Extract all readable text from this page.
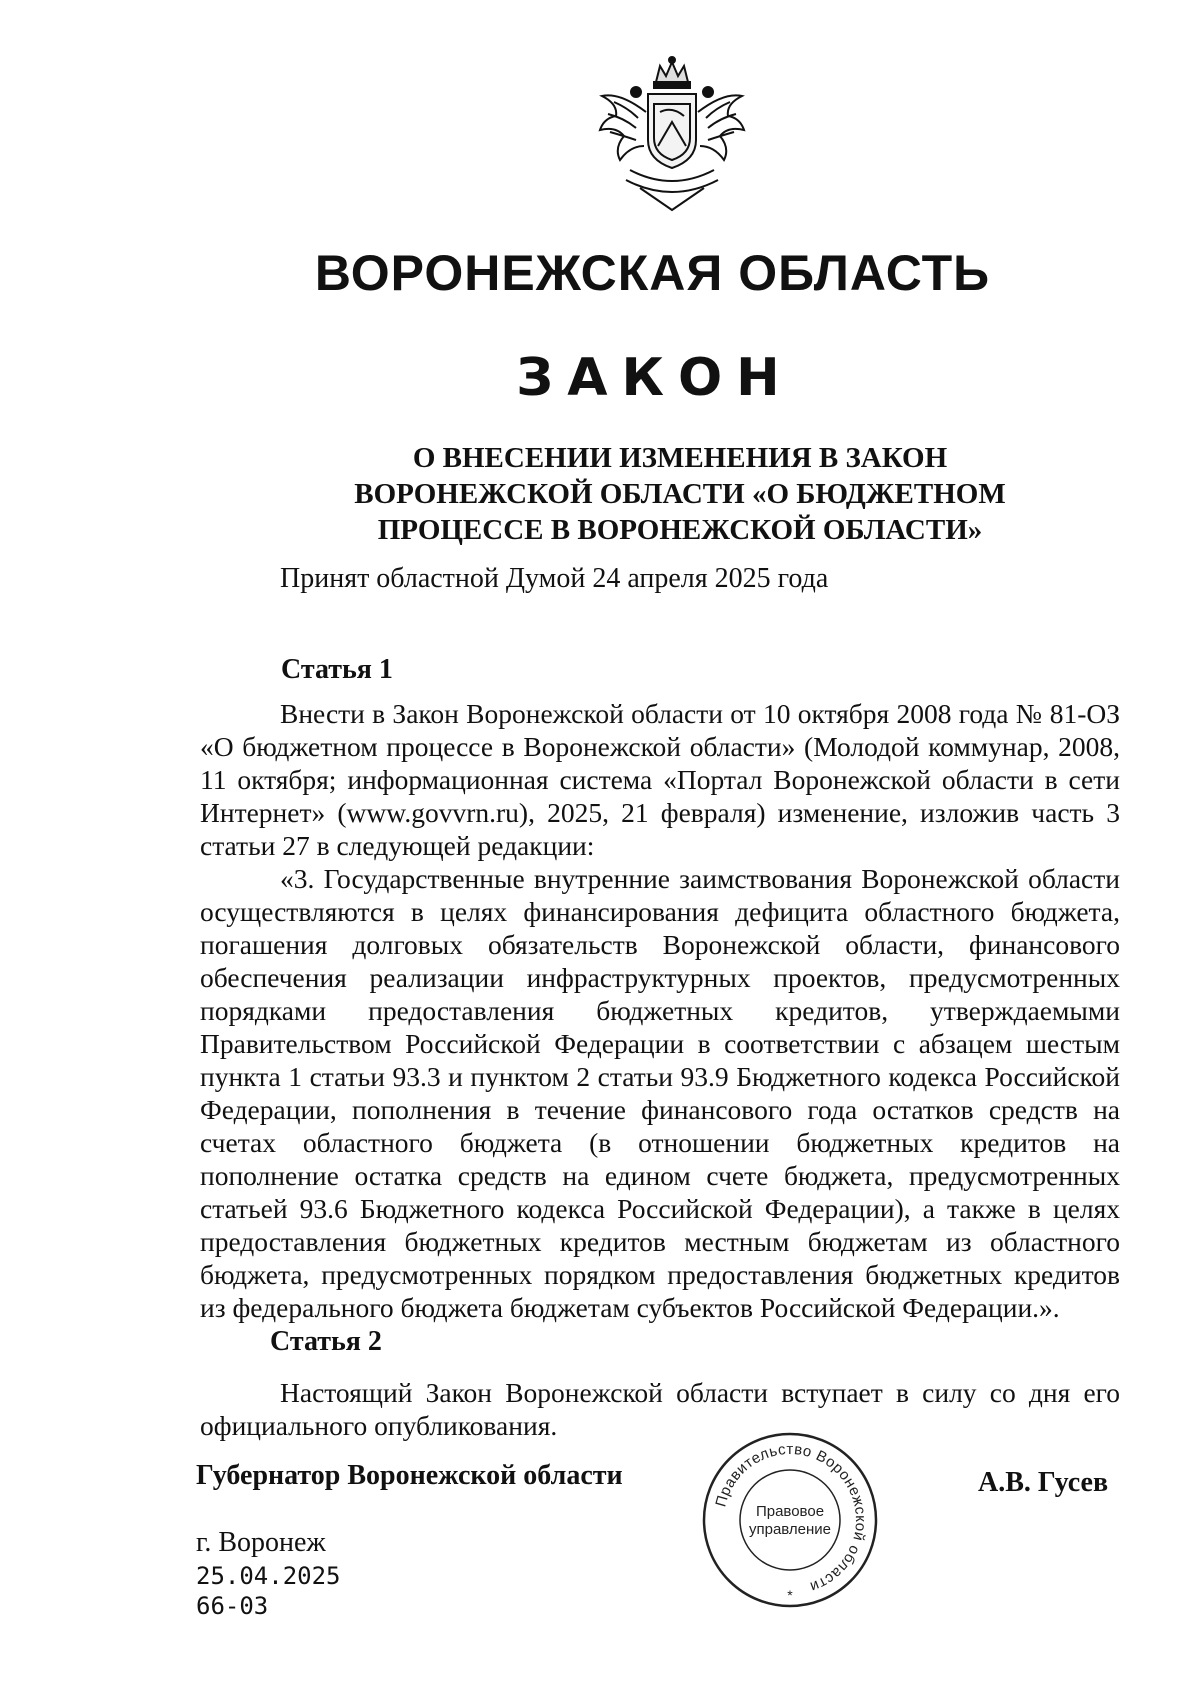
ВОРОНЕЖСКАЯ ОБЛАСТЬ
ЗАКОН
О ВНЕСЕНИИ ИЗМЕНЕНИЯ В ЗАКОН
ВОРОНЕЖСКОЙ ОБЛАСТИ «О БЮДЖЕТНОМ
ПРОЦЕССЕ В ВОРОНЕЖСКОЙ ОБЛАСТИ»
Принят областной Думой 24 апреля 2025 года
Статья 1

Внести в Закон Воронежской области от 10 октября 2008 года № 81-ОЗ «О бюджетном процессе в Воронежской области» (Молодой коммунар, 2008, 11 октября; информационная система «Портал Воронежской области в сети Интернет» (www.govvrn.ru), 2025, 21 февраля) изменение, изложив часть 3 статьи 27 в следующей редакции:

«3. Государственные внутренние заимствования Воронежской области осуществляются в целях финансирования дефицита областного бюджета, погашения долговых обязательств Воронежской области, финансового обеспечения реализации инфраструктурных проектов, предусмотренных порядками предоставления бюджетных кредитов, утверждаемыми Правительством Российской Федерации в соответствии с абзацем шестым пункта 1 статьи 93.3 и пунктом 2 статьи 93.9 Бюджетного кодекса Российской Федерации, пополнения в течение финансового года остатков средств на счетах областного бюджета (в отношении бюджетных кредитов на пополнение остатка средств на едином счете бюджета, предусмотренных статьей 93.6 Бюджетного кодекса Российской Федерации), а также в целях предоставления бюджетных кредитов местным бюджетам из областного бюджета, предусмотренных порядком предоставления бюджетных кредитов из федерального бюджета бюджетам субъектов Российской Федерации.».

Статья 2

Настоящий Закон Воронежской области вступает в силу со дня его официального опубликования.

Губернатор Воронежской области	А.В. Гусев
г. Воронеж
25.04.2025
66-03
Правительство Воронежской области
Правовое
управление
*
